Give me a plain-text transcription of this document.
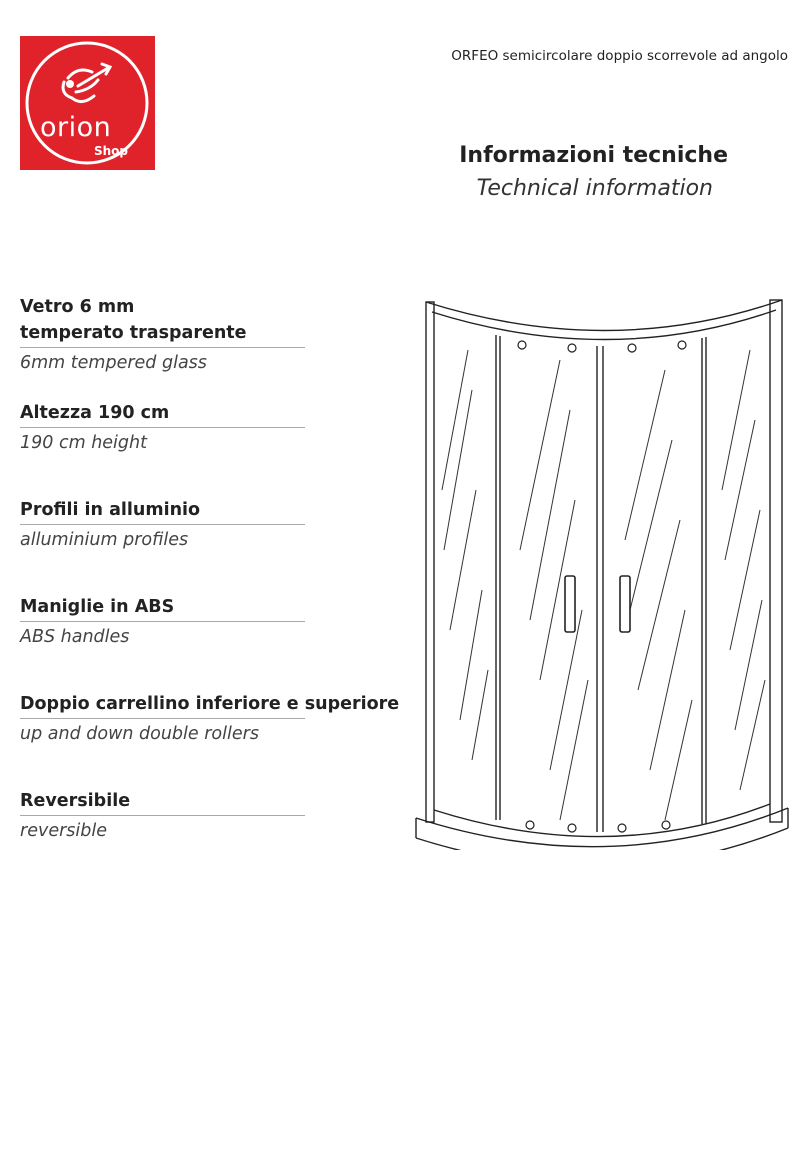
orion
Shop
ORFEO semicircolare doppio scorrevole ad angolo
Informazioni tecniche
Technical information
Vetro 6 mm
temperato trasparente
6mm tempered glass
Altezza 190 cm
190 cm height
Profili in alluminio
alluminium profiles
Maniglie in ABS
ABS handles
Doppio carrellino inferiore e superiore
up and down double rollers
Reversibile
reversible
